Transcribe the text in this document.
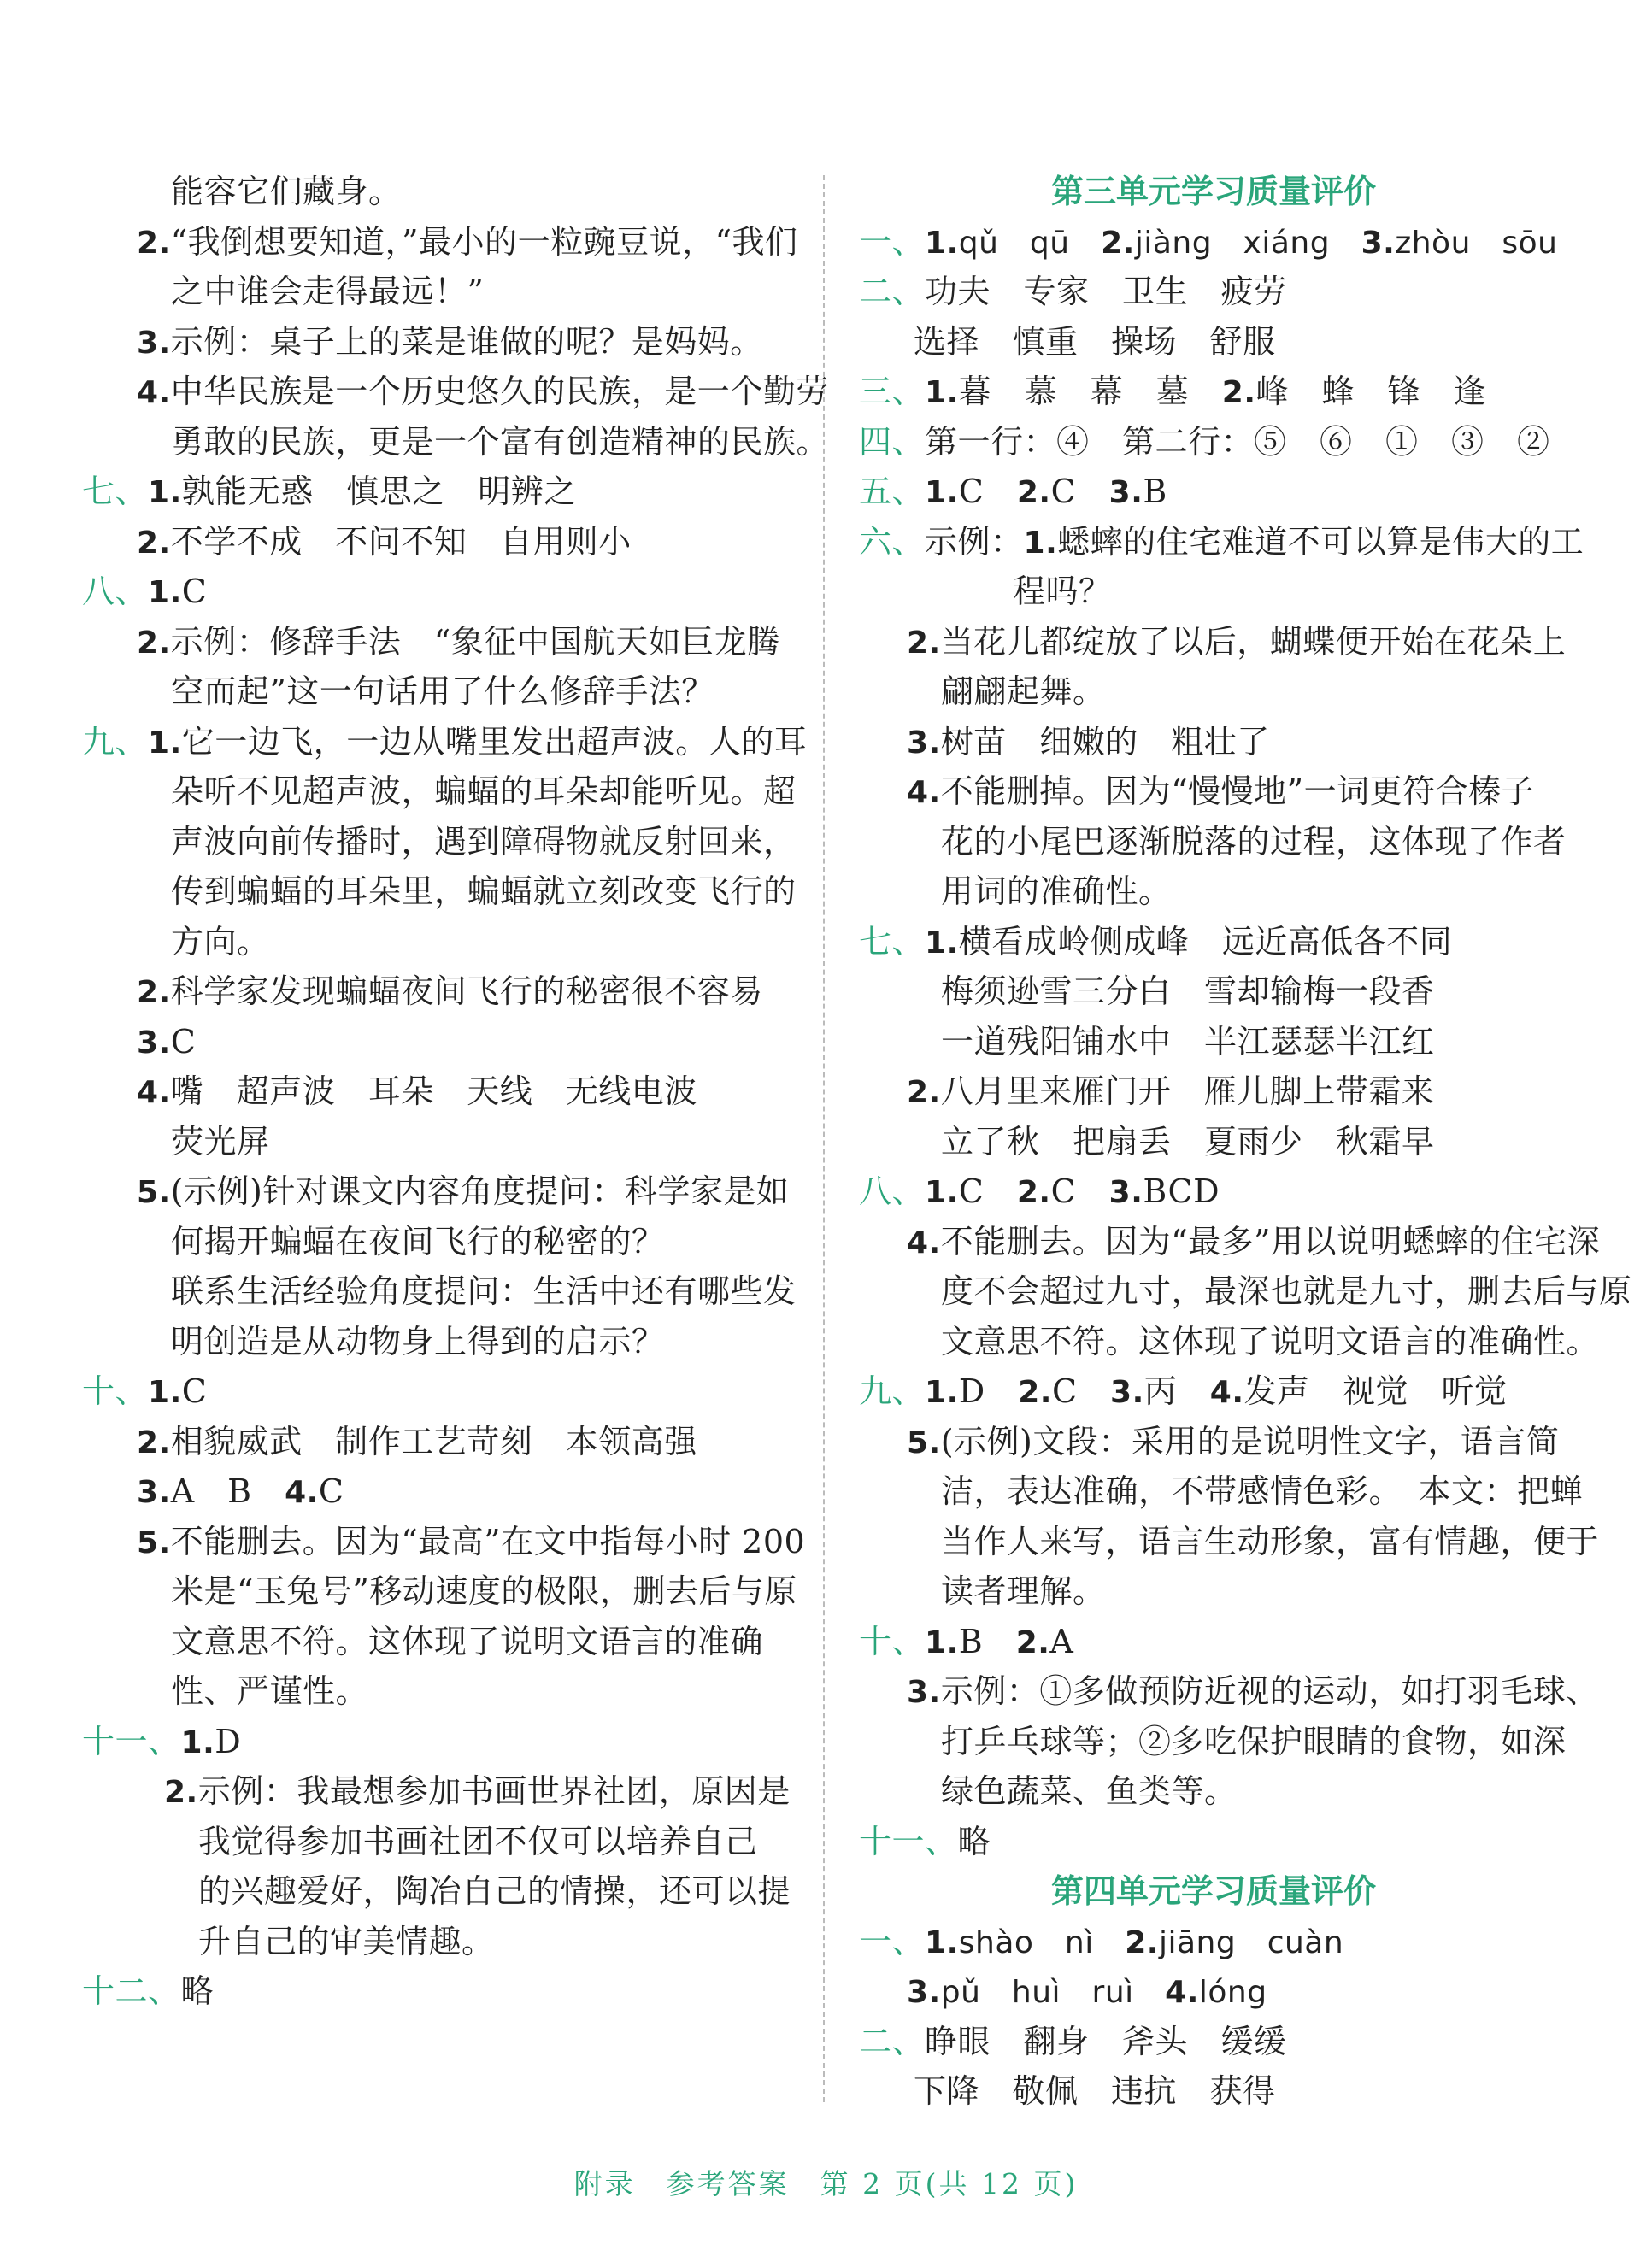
能容它们藏身。
2.“我倒想要知道，”最小的一粒豌豆说，“我们
之中谁会走得最远！”
3.示例：桌子上的菜是谁做的呢？是妈妈。
4.中华民族是一个历史悠久的民族，是一个勤劳
勇敢的民族，更是一个富有创造精神的民族。
七、1.孰能无惑　慎思之　明辨之
2.不学不成　不问不知　自用则小
八、1.C
2.示例：修辞手法　“象征中国航天如巨龙腾
空而起”这一句话用了什么修辞手法？
九、1.它一边飞，一边从嘴里发出超声波。人的耳
朵听不见超声波，蝙蝠的耳朵却能听见。超
声波向前传播时，遇到障碍物就反射回来，
传到蝙蝠的耳朵里，蝙蝠就立刻改变飞行的
方向。
2.科学家发现蝙蝠夜间飞行的秘密很不容易
3.C
4.嘴　超声波　耳朵　天线　无线电波
荧光屏
5.(示例)针对课文内容角度提问：科学家是如
何揭开蝙蝠在夜间飞行的秘密的？
联系生活经验角度提问：生活中还有哪些发
明创造是从动物身上得到的启示？
十、1.C
2.相貌威武　制作工艺苛刻　本领高强
3.A　B　4.C
5.不能删去。因为“最高”在文中指每小时 200
米是“玉兔号”移动速度的极限，删去后与原
文意思不符。这体现了说明文语言的准确
性、严谨性。
十一、1.D
2.示例：我最想参加书画世界社团，原因是
我觉得参加书画社团不仅可以培养自己
的兴趣爱好，陶冶自己的情操，还可以提
升自己的审美情趣。
十二、略
第三单元学习质量评价
一、1.qǔ　qū　2.jiàng　xiáng　3.zhòu　sōu
二、功夫　专家　卫生　疲劳
选择　慎重　操场　舒服
三、1.暮　慕　幕　墓　2.峰　蜂　锋　逢
四、第一行：④　第二行：⑤　⑥　①　③　②
五、1.C　2.C　3.B
六、示例：1.蟋蟀的住宅难道不可以算是伟大的工
程吗？
2.当花儿都绽放了以后，蝴蝶便开始在花朵上
翩翩起舞。
3.树苗　细嫩的　粗壮了
4.不能删掉。因为“慢慢地”一词更符合榛子
花的小尾巴逐渐脱落的过程，这体现了作者
用词的准确性。
七、1.横看成岭侧成峰　远近高低各不同
梅须逊雪三分白　雪却输梅一段香
一道残阳铺水中　半江瑟瑟半江红
2.八月里来雁门开　雁儿脚上带霜来
立了秋　把扇丢　夏雨少　秋霜早
八、1.C　2.C　3.BCD
4.不能删去。因为“最多”用以说明蟋蟀的住宅深
度不会超过九寸，最深也就是九寸，删去后与原
文意思不符。这体现了说明文语言的准确性。
九、1.D　2.C　3.丙　4.发声　视觉　听觉
5.(示例)文段：采用的是说明性文字，语言简
洁，表达准确，不带感情色彩。　本文：把蝉
当作人来写，语言生动形象，富有情趣，便于
读者理解。
十、1.B　2.A
3.示例：①多做预防近视的运动，如打羽毛球、
打乒乓球等；②多吃保护眼睛的食物，如深
绿色蔬菜、鱼类等。
十一、略
第四单元学习质量评价
一、1.shào　nì　2.jiāng　cuàn
3.pǔ　huì　ruì　4.lóng
二、睁眼　翻身　斧头　缓缓
下降　敬佩　违抗　获得
附录　参考答案　第 2 页(共 12 页)
